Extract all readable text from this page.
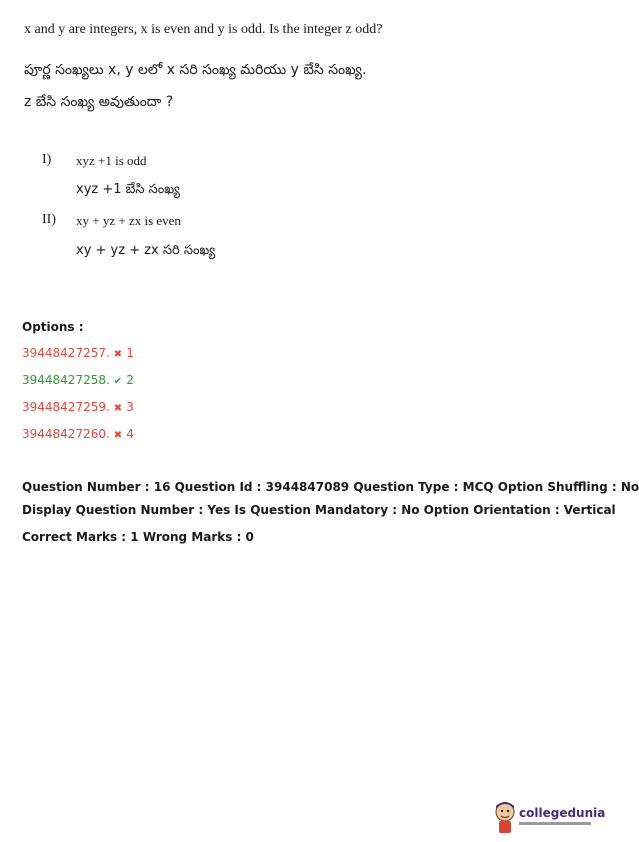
x and y are integers, x is even and y is odd. Is the integer z odd?
పూర్ణ సంఖ్యలు x, y లలో x సరి సంఖ్య మరియు y బేసి సంఖ్య.
z బేసి సంఖ్య అవుతుందా ?
I) xyz +1 is odd
xyz +1 బేసి సంఖ్య
II) xy + yz + zx is even
xy + yz + zx సరి సంఖ్య
Options :
39448427257. ✖ 1
39448427258. ✔ 2
39448427259. ✖ 3
39448427260. ✖ 4
Question Number : 16 Question Id : 3944847089 Question Type : MCQ Option Shuffling : No
Display Question Number : Yes Is Question Mandatory : No Option Orientation : Vertical
Correct Marks : 1 Wrong Marks : 0
collegedunia
